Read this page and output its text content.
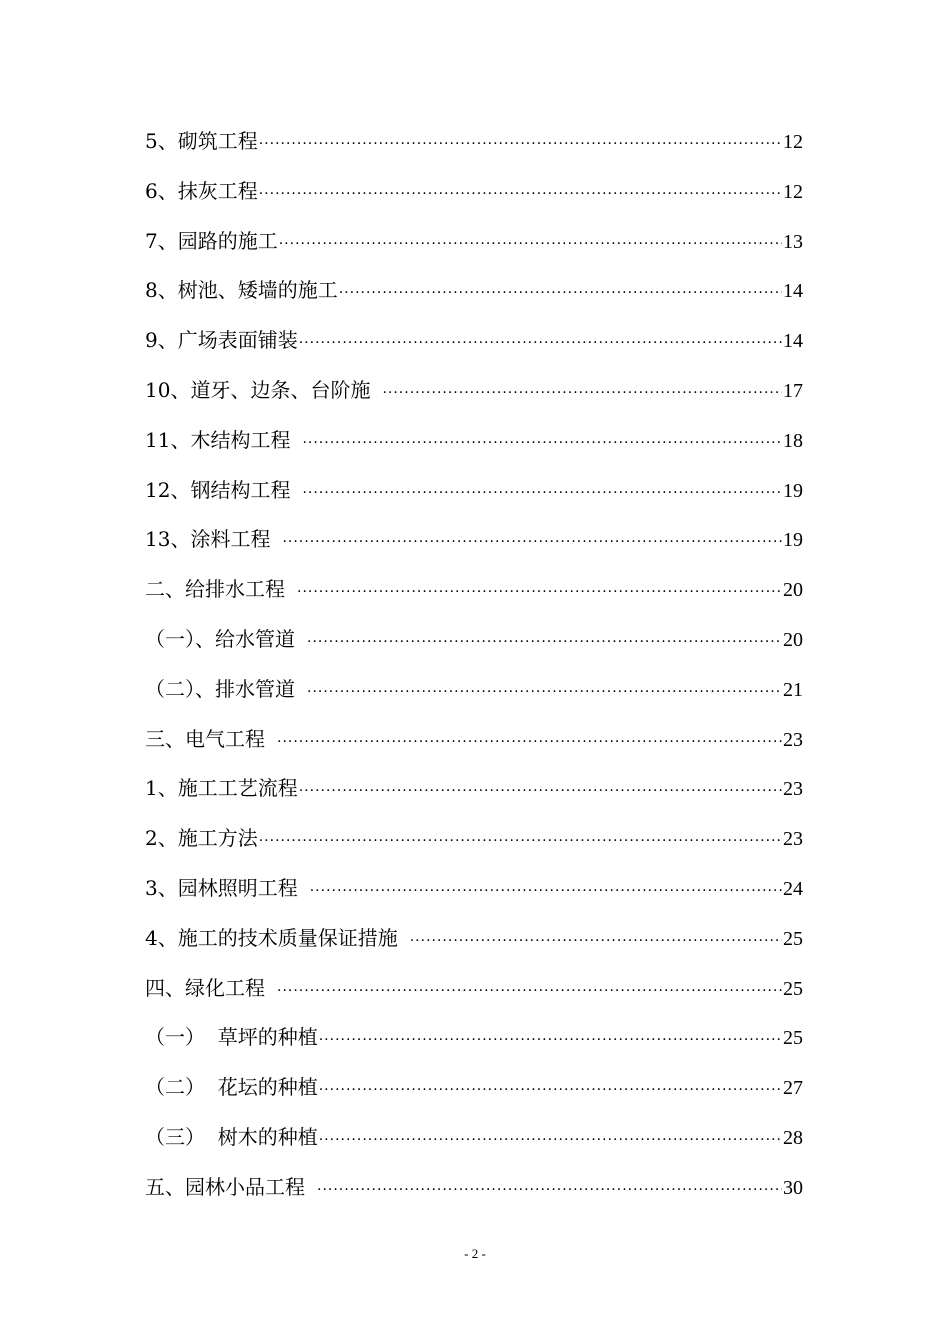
5、砌筑工程 ·····	12
6、抹灰工程 ·····	12
7、园路的施工 ·····	13
8、树池、矮墙的施工 ·····	14
9、广场表面铺装 ·····	14
10、道牙、边条、台阶施 ·····	17
11、木结构工程 ·····	18
12、钢结构工程 ·····	19
13、涂料工程 ·····	19
二、给排水工程 ·····	20
（一）、给水管道 ·····	20
（二）、排水管道 ·····	21
三、电气工程 ·····	23
1、施工工艺流程 ·····	23
2、施工方法 ·····	23
3、园林照明工程 ·····	24
4、施工的技术质量保证措施 ·····	25
四、绿化工程 ·····	25
（一）  草坪的种植 ·····	25
（二）  花坛的种植 ·····	27
（三）  树木的种植 ·····	28
五、园林小品工程 ·····	30
- 2 -
